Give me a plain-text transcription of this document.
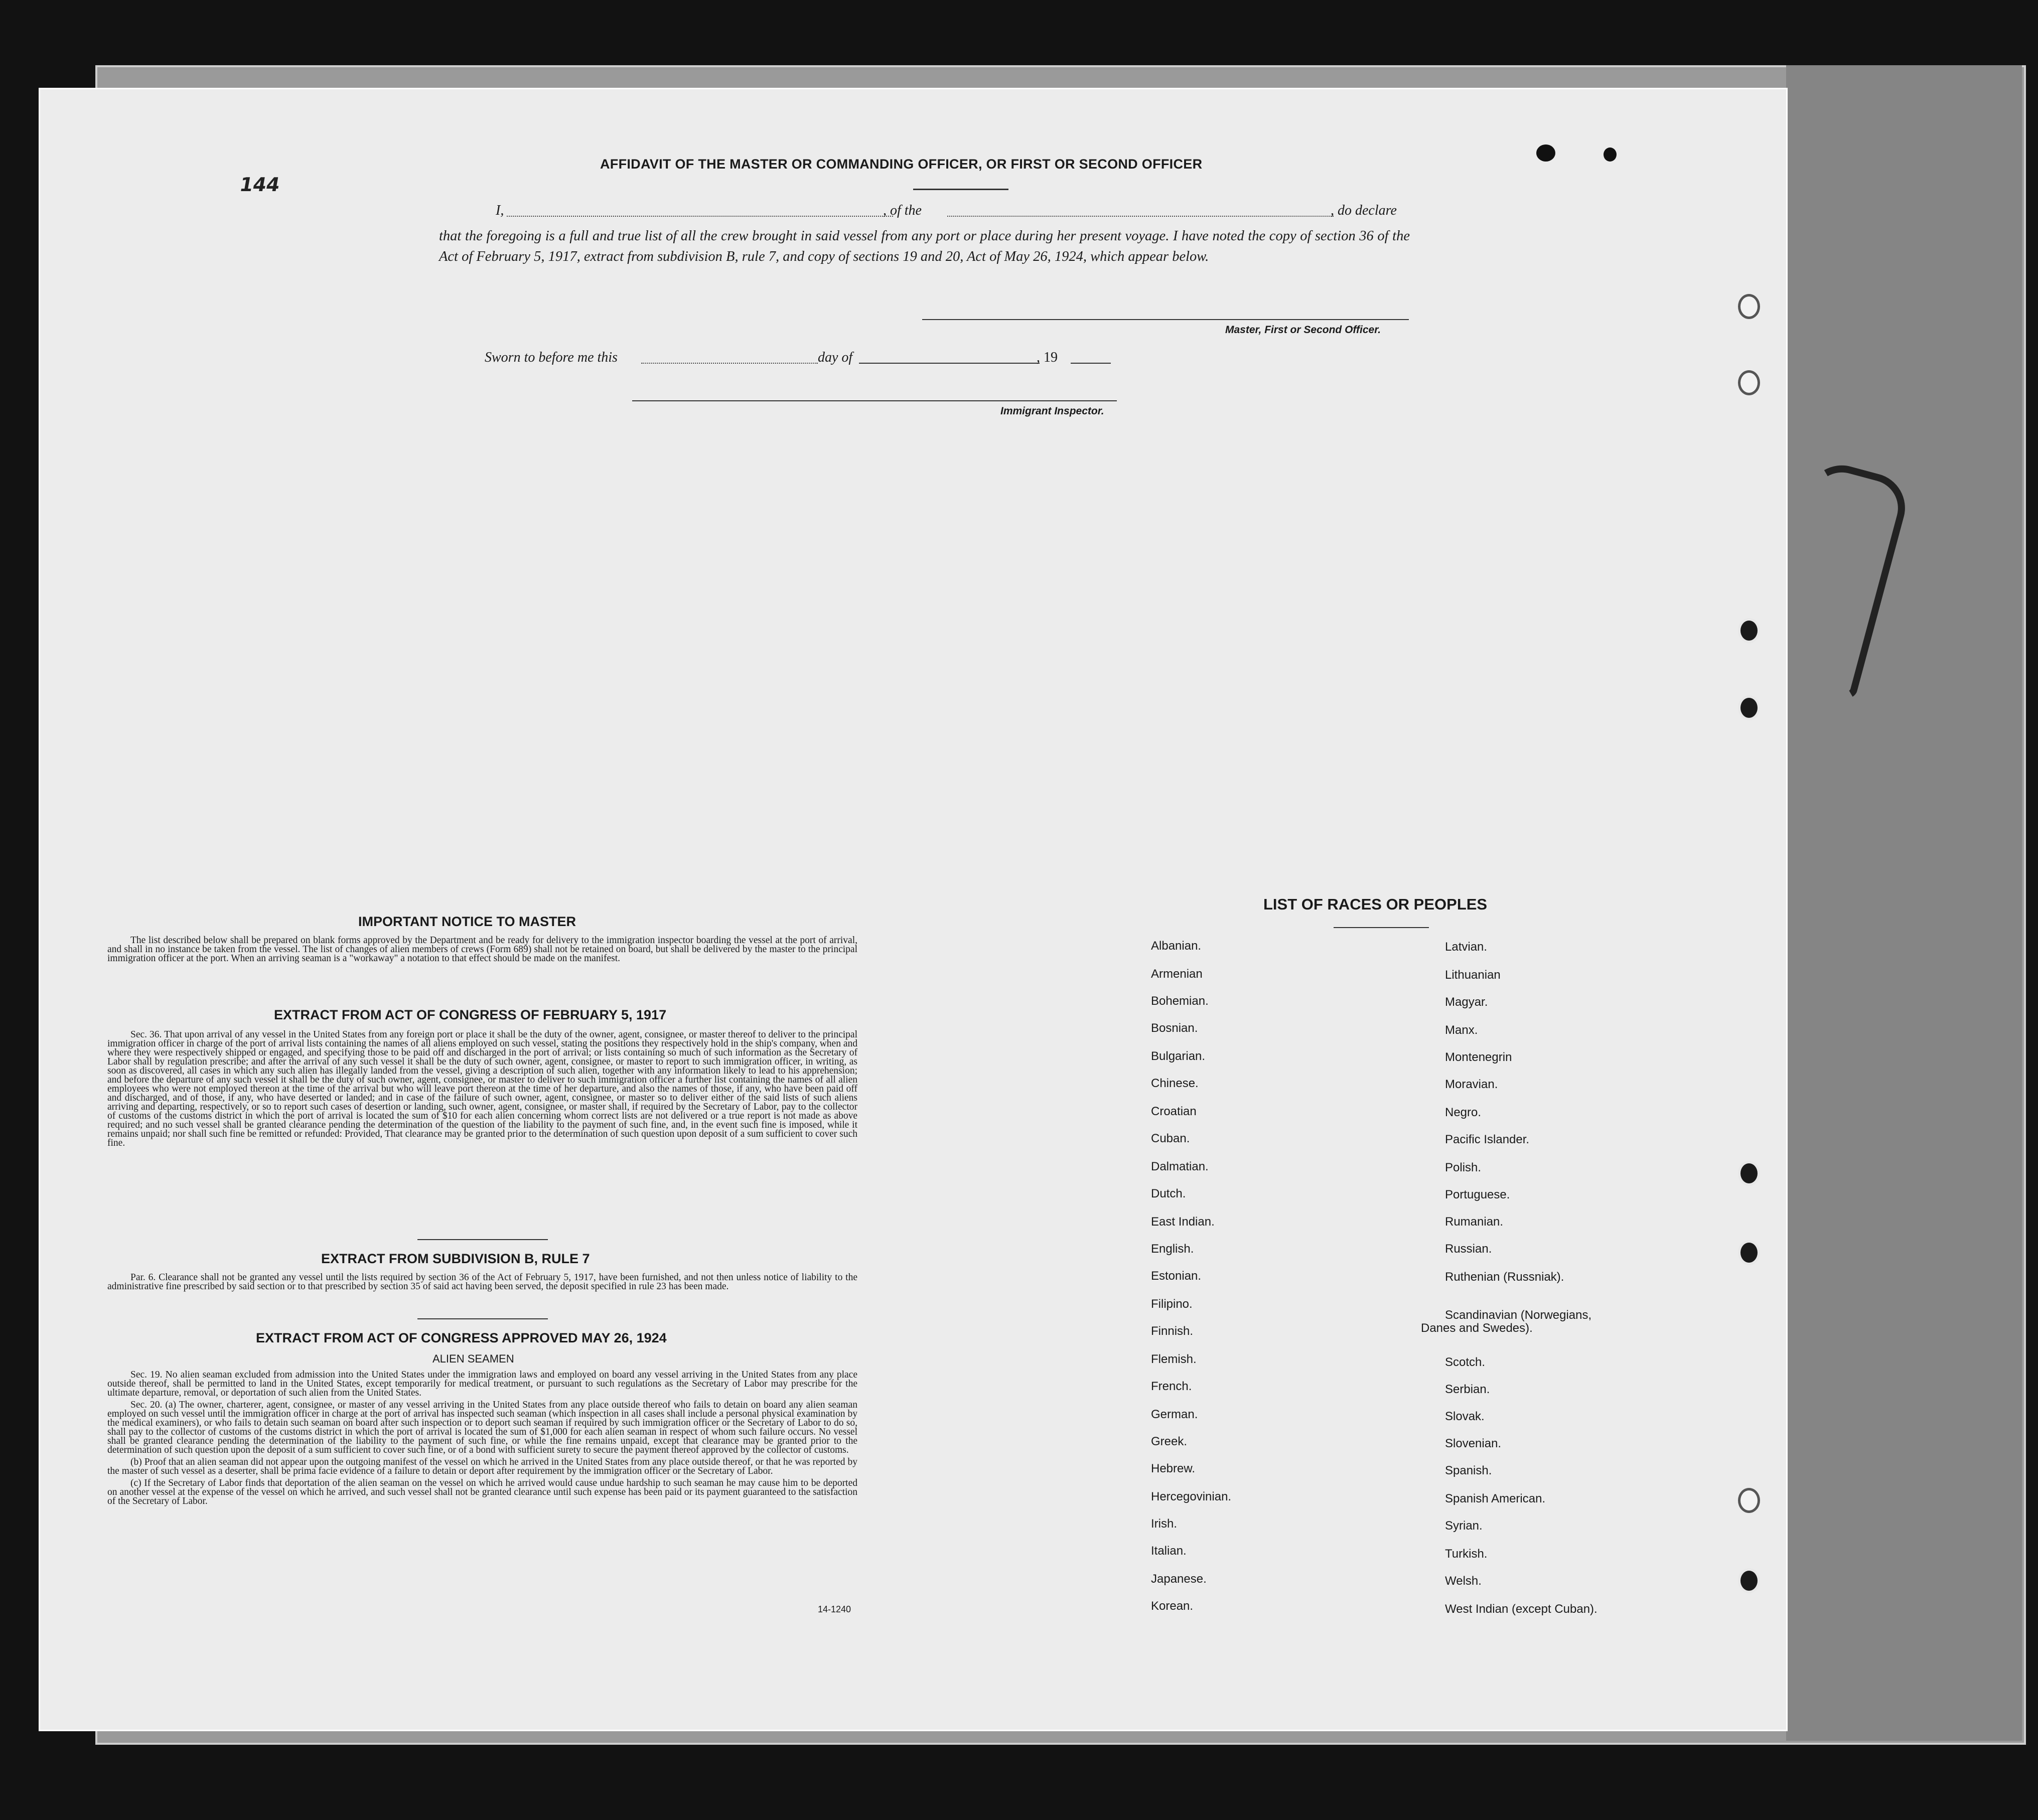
144
AFFIDAVIT OF THE MASTER OR COMMANDING OFFICER, OR FIRST OR SECOND OFFICER
I,	, of the	, do declare
that the foregoing is a full and true list of all the crew brought in said vessel from any port or place during her present voyage. I have noted the copy of section 36 of the Act of February 5, 1917, extract from subdivision B, rule 7, and copy of sections 19 and 20, Act of May 26, 1924, which appear below.
Master, First or Second Officer.
Sworn to before me this	day of	, 19
Immigrant Inspector.
IMPORTANT NOTICE TO MASTER

The list described below shall be prepared on blank forms approved by the Department and be ready for delivery to the immigration inspector boarding the vessel at the port of arrival, and shall in no instance be taken from the vessel. The list of changes of alien members of crews (Form 689) shall not be retained on board, but shall be delivered by the master to the principal immigration officer at the port. When an arriving seaman is a "workaway" a notation to that effect should be made on the manifest.

EXTRACT FROM ACT OF CONGRESS OF FEBRUARY 5, 1917

Sec. 36. That upon arrival of any vessel in the United States from any foreign port or place it shall be the duty of the owner, agent, consignee, or master thereof to deliver to the principal immigration officer in charge of the port of arrival lists containing the names of all aliens employed on such vessel, stating the positions they respectively hold in the ship's company, when and where they were respectively shipped or engaged, and specifying those to be paid off and discharged in the port of arrival; or lists containing so much of such information as the Secretary of Labor shall by regulation prescribe; and after the arrival of any such vessel it shall be the duty of such owner, agent, consignee, or master to report to such immigration officer, in writing, as soon as discovered, all cases in which any such alien has illegally landed from the vessel, giving a description of such alien, together with any information likely to lead to his apprehension; and before the departure of any such vessel it shall be the duty of such owner, agent, consignee, or master to deliver to such immigration officer a further list containing the names of all alien employees who were not employed thereon at the time of the arrival but who will leave port thereon at the time of her departure, and also the names of those, if any, who have been paid off and discharged, and of those, if any, who have deserted or landed; and in case of the failure of such owner, agent, consignee, or master so to deliver either of the said lists of such aliens arriving and departing, respectively, or so to report such cases of desertion or landing, such owner, agent, consignee, or master shall, if required by the Secretary of Labor, pay to the collector of customs of the customs district in which the port of arrival is located the sum of $10 for each alien concerning whom correct lists are not delivered or a true report is not made as above required; and no such vessel shall be granted clearance pending the determination of the question of the liability to the payment of such fine, and, in the event such fine is imposed, while it remains unpaid; nor shall such fine be remitted or refunded: Provided, That clearance may be granted prior to the determination of such question upon deposit of a sum sufficient to cover such fine.

EXTRACT FROM SUBDIVISION B, RULE 7

Par. 6. Clearance shall not be granted any vessel until the lists required by section 36 of the Act of February 5, 1917, have been furnished, and not then unless notice of liability to the administrative fine prescribed by said section or to that prescribed by section 35 of said act having been served, the deposit specified in rule 23 has been made.

EXTRACT FROM ACT OF CONGRESS APPROVED MAY 26, 1924
ALIEN SEAMEN

Sec. 19. No alien seaman excluded from admission into the United States under the immigration laws and employed on board any vessel arriving in the United States from any place outside thereof, shall be permitted to land in the United States, except temporarily for medical treatment, or pursuant to such regulations as the Secretary of Labor may prescribe for the ultimate departure, removal, or deportation of such alien from the United States.

Sec. 20. (a) The owner, charterer, agent, consignee, or master of any vessel arriving in the United States from any place outside thereof who fails to detain on board any alien seaman employed on such vessel until the immigration officer in charge at the port of arrival has inspected such seaman (which inspection in all cases shall include a personal physical examination by the medical examiners), or who fails to detain such seaman on board after such inspection or to deport such seaman if required by such immigration officer or the Secretary of Labor to do so, shall pay to the collector of customs of the customs district in which the port of arrival is located the sum of $1,000 for each alien seaman in respect of whom such failure occurs. No vessel shall be granted clearance pending the determination of the liability to the payment of such fine, or while the fine remains unpaid, except that clearance may be granted prior to the determination of such question upon the deposit of a sum sufficient to cover such fine, or of a bond with sufficient surety to secure the payment thereof approved by the collector of customs.

(b) Proof that an alien seaman did not appear upon the outgoing manifest of the vessel on which he arrived in the United States from any place outside thereof, or that he was reported by the master of such vessel as a deserter, shall be prima facie evidence of a failure to detain or deport after requirement by the immigration officer or the Secretary of Labor.

(c) If the Secretary of Labor finds that deportation of the alien seaman on the vessel on which he arrived would cause undue hardship to such seaman he may cause him to be deported on another vessel at the expense of the vessel on which he arrived, and such vessel shall not be granted clearance until such expense has been paid or its payment guaranteed to the satisfaction of the Secretary of Labor.

14-1240
LIST OF RACES OR PEOPLES
Albanian.
Armenian
Bohemian.
Bosnian.
Bulgarian.
Chinese.
Croatian
Cuban.
Dalmatian.
Dutch.
East Indian.
English.
Estonian.
Filipino.
Finnish.
Flemish.
French.
German.
Greek.
Hebrew.
Hercegovinian.
Irish.
Italian.
Japanese.
Korean.
Latvian.
Lithuanian
Magyar.
Manx.
Montenegrin
Moravian.
Negro.
Pacific Islander.
Polish.
Portuguese.
Rumanian.
Russian.
Ruthenian (Russniak).
Scandinavian (Norwegians,
Danes and Swedes).
Scotch.
Serbian.
Slovak.
Slovenian.
Spanish.
Spanish American.
Syrian.
Turkish.
Welsh.
West Indian (except Cuban).
